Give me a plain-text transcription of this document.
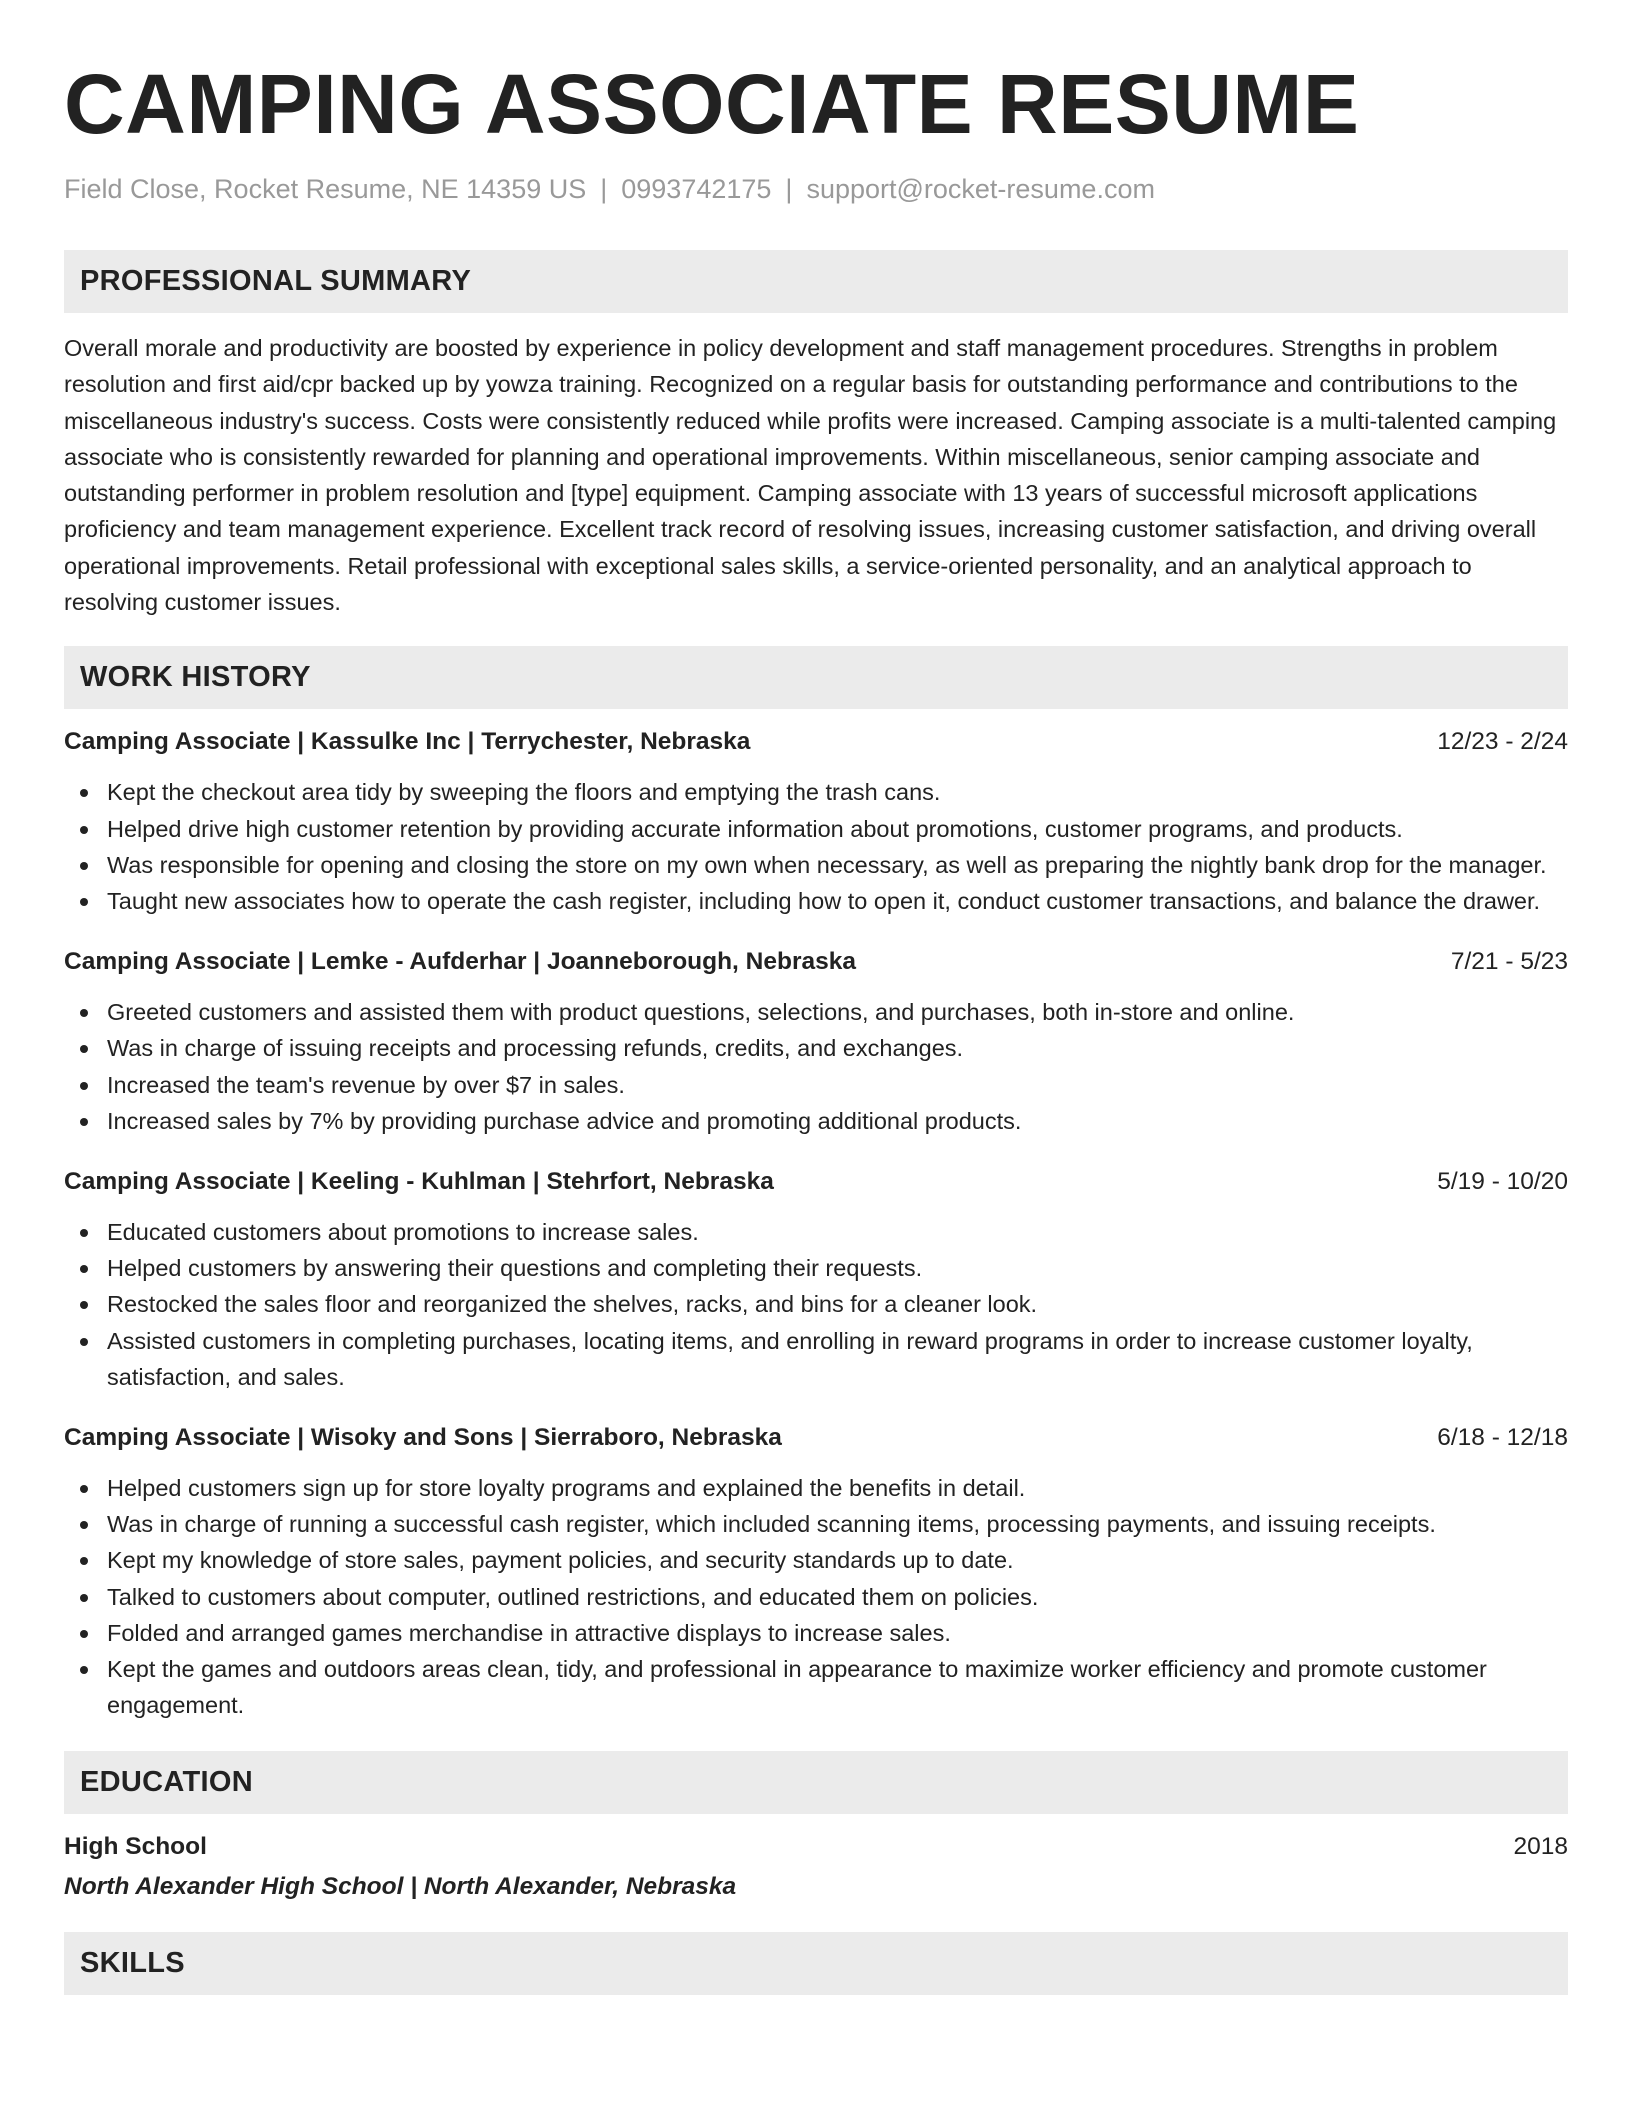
CAMPING ASSOCIATE RESUME
Field Close, Rocket Resume, NE 14359 US | 0993742175 | support@rocket-resume.com
PROFESSIONAL SUMMARY

Overall morale and productivity are boosted by experience in policy development and staff management procedures. Strengths in problem resolution and first aid/cpr backed up by yowza training. Recognized on a regular basis for outstanding performance and contributions to the miscellaneous industry's success. Costs were consistently reduced while profits were increased. Camping associate is a multi-talented camping associate who is consistently rewarded for planning and operational improvements. Within miscellaneous, senior camping associate and outstanding performer in problem resolution and [type] equipment. Camping associate with 13 years of successful microsoft applications proficiency and team management experience. Excellent track record of resolving issues, increasing customer satisfaction, and driving overall operational improvements. Retail professional with exceptional sales skills, a service-oriented personality, and an analytical approach to resolving customer issues.

WORK HISTORY
Camping Associate | Kassulke Inc | Terrychester, Nebraska	12/23 - 2/24
Kept the checkout area tidy by sweeping the floors and emptying the trash cans.
Helped drive high customer retention by providing accurate information about promotions, customer programs, and products.
Was responsible for opening and closing the store on my own when necessary, as well as preparing the nightly bank drop for the manager.
Taught new associates how to operate the cash register, including how to open it, conduct customer transactions, and balance the drawer.
Camping Associate | Lemke - Aufderhar | Joanneborough, Nebraska	7/21 - 5/23
Greeted customers and assisted them with product questions, selections, and purchases, both in-store and online.
Was in charge of issuing receipts and processing refunds, credits, and exchanges.
Increased the team's revenue by over $7 in sales.
Increased sales by 7% by providing purchase advice and promoting additional products.
Camping Associate | Keeling - Kuhlman | Stehrfort, Nebraska	5/19 - 10/20
Educated customers about promotions to increase sales.
Helped customers by answering their questions and completing their requests.
Restocked the sales floor and reorganized the shelves, racks, and bins for a cleaner look.
Assisted customers in completing purchases, locating items, and enrolling in reward programs in order to increase customer loyalty, satisfaction, and sales.
Camping Associate | Wisoky and Sons | Sierraboro, Nebraska	6/18 - 12/18
Helped customers sign up for store loyalty programs and explained the benefits in detail.
Was in charge of running a successful cash register, which included scanning items, processing payments, and issuing receipts.
Kept my knowledge of store sales, payment policies, and security standards up to date.
Talked to customers about computer, outlined restrictions, and educated them on policies.
Folded and arranged games merchandise in attractive displays to increase sales.
Kept the games and outdoors areas clean, tidy, and professional in appearance to maximize worker efficiency and promote customer engagement.
EDUCATION
High School	2018
North Alexander High School | North Alexander, Nebraska
SKILLS
